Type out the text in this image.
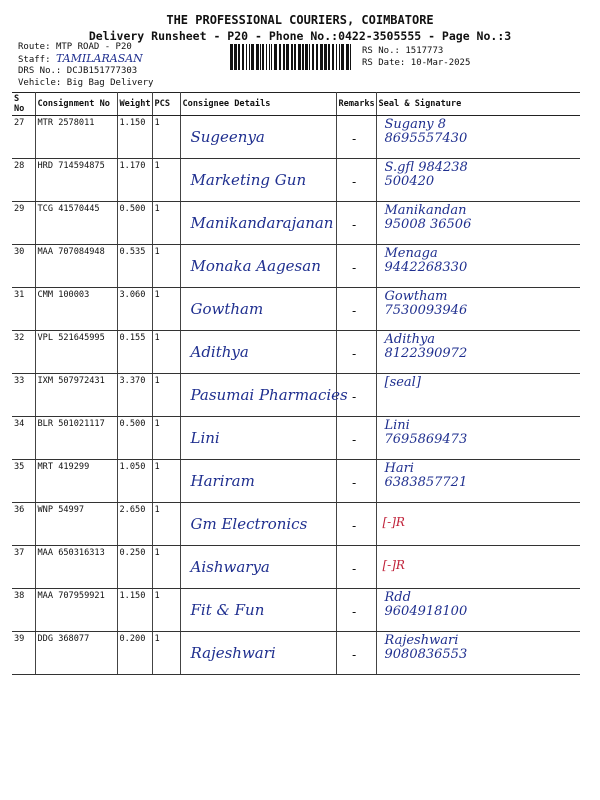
THE PROFESSIONAL COURIERS, COIMBATORE
Delivery Runsheet - P20 - Phone No.:0422-3505555 - Page No.:3
Route: MTP ROAD - P20
Staff: TAMILARASAN
DRS No.: DCJB151777303
Vehicle: Big Bag Delivery
RS No.: 1517773
RS Date: 10-Mar-2025
S No	Consignment No	Weight	PCS	Consignee Details	Remarks	Seal & Signature
27	MTR 2578011	1.150	1	Sugeenya	-	Sugany 8
8695557430

28	HRD 714594875	1.170	1	Marketing Gun	-	S.gfl 984238
500420

29	TCG 41570445	0.500	1	Manikandarajanan	-	Manikandan
95008 36506

30	MAA 707084948	0.535	1	Monaka Aagesan	-	Menaga
9442268330

31	CMM 100003	3.060	1	Gowtham	-	Gowtham
7530093946

32	VPL 521645995	0.155	1	Adithya	-	Adithya
8122390972

33	IXM 507972431	3.370	1	Pasumai Pharmacies	-	[seal]

34	BLR 501021117	0.500	1	Lini	-	Lini
7695869473

35	MRT 419299	1.050	1	Hariram	-	Hari
6383857721

36	WNP 54997	2.650	1	Gm Electronics	-	[-]R

37	MAA 650316313	0.250	1	Aishwarya	-	[-]R

38	MAA 707959921	1.150	1	Fit & Fun	-	Rdd
9604918100

39	DDG 368077	0.200	1	Rajeshwari	-	Rajeshwari
9080836553
